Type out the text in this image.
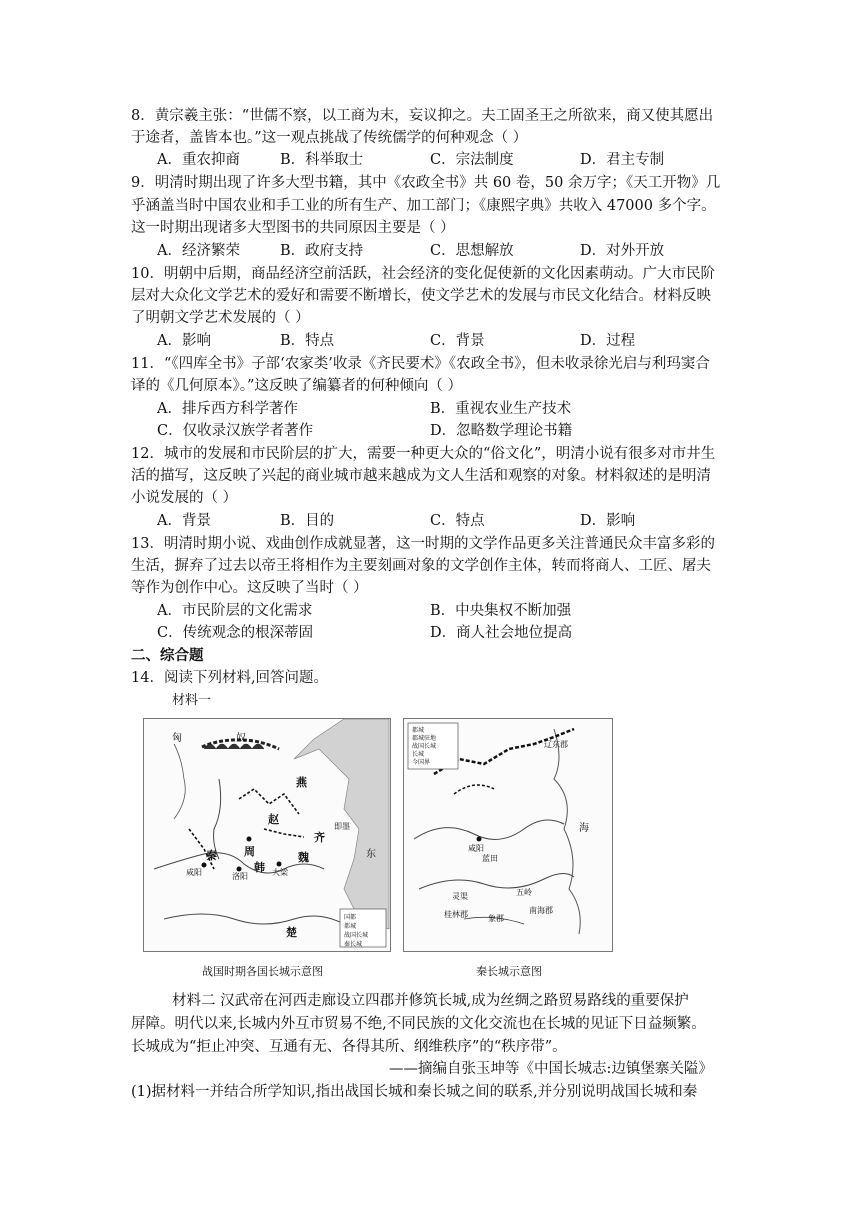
8．黄宗羲主张：“世儒不察，以工商为末，妄议抑之。夫工固圣王之所欲来，商又使其愿出
于途者，盖皆本也。”这一观点挑战了传统儒学的何种观念（ ）
A．重农抑商	B．科举取士	C．宗法制度	D．君主专制
9．明清时期出现了许多大型书籍，其中《农政全书》共 60 卷，50 余万字；《天工开物》几
乎涵盖当时中国农业和手工业的所有生产、加工部门；《康熙字典》共收入 47000 多个字。
这一时期出现诸多大型图书的共同原因主要是（ ）
A．经济繁荣	B．政府支持	C．思想解放	D．对外开放
10．明朝中后期，商品经济空前活跃，社会经济的变化促使新的文化因素萌动。广大市民阶
层对大众化文学艺术的爱好和需要不断增长，使文学艺术的发展与市民文化结合。材料反映
了明朝文学艺术发展的（ ）
A．影响	B．特点	C．背景	D．过程
11．“《四库全书》子部‘农家类’收录《齐民要术》《农政全书》，但未收录徐光启与利玛窦合
译的《几何原本》。”这反映了编纂者的何种倾向（ ）
A．排斥西方科学著作	B．重视农业生产技术
C．仅收录汉族学者著作	D．忽略数学理论书籍
12．城市的发展和市民阶层的扩大，需要一种更大众的“俗文化”，明清小说有很多对市井生
活的描写，这反映了兴起的商业城市越来越成为文人生活和观察的对象。材料叙述的是明清
小说发展的（ ）
A．背景	B．目的	C．特点	D．影响
13．明清时期小说、戏曲创作成就显著，这一时期的文学作品更多关注普通民众丰富多彩的
生活，摒弃了过去以帝王将相作为主要刻画对象的文学创作主体，转而将商人、工匠、屠夫
等作为创作中心。这反映了当时（ ）
A．市民阶层的文化需求	B．中央集权不断加强
C．传统观念的根深蒂固	D．商人社会地位提高
二、综合题
14．阅读下列材料,回答问题。
材料一
匈	奴
燕
赵
齐
魏
秦 周
韩
楚
东
咸阳	大梁
洛阳
即墨
国都
都城
战国长城
秦长城
辽东郡
咸阳
蓝田
海
南海郡
桂林郡	象郡
灵渠	五岭
都城
郡城驻地
战国长城
长城
今国界
战国时期各国长城示意图	秦长城示意图
材料二 汉武帝在河西走廊设立四郡并修筑长城,成为丝绸之路贸易路线的重要保护
屏障。明代以来,长城内外互市贸易不绝,不同民族的文化交流也在长城的见证下日益频繁。
长城成为“拒止冲突、互通有无、各得其所、纲维秩序”的“秩序带”。
——摘编自张玉坤等《中国长城志:边镇堡寨关隘》
(1)据材料一并结合所学知识,指出战国长城和秦长城之间的联系,并分别说明战国长城和秦
